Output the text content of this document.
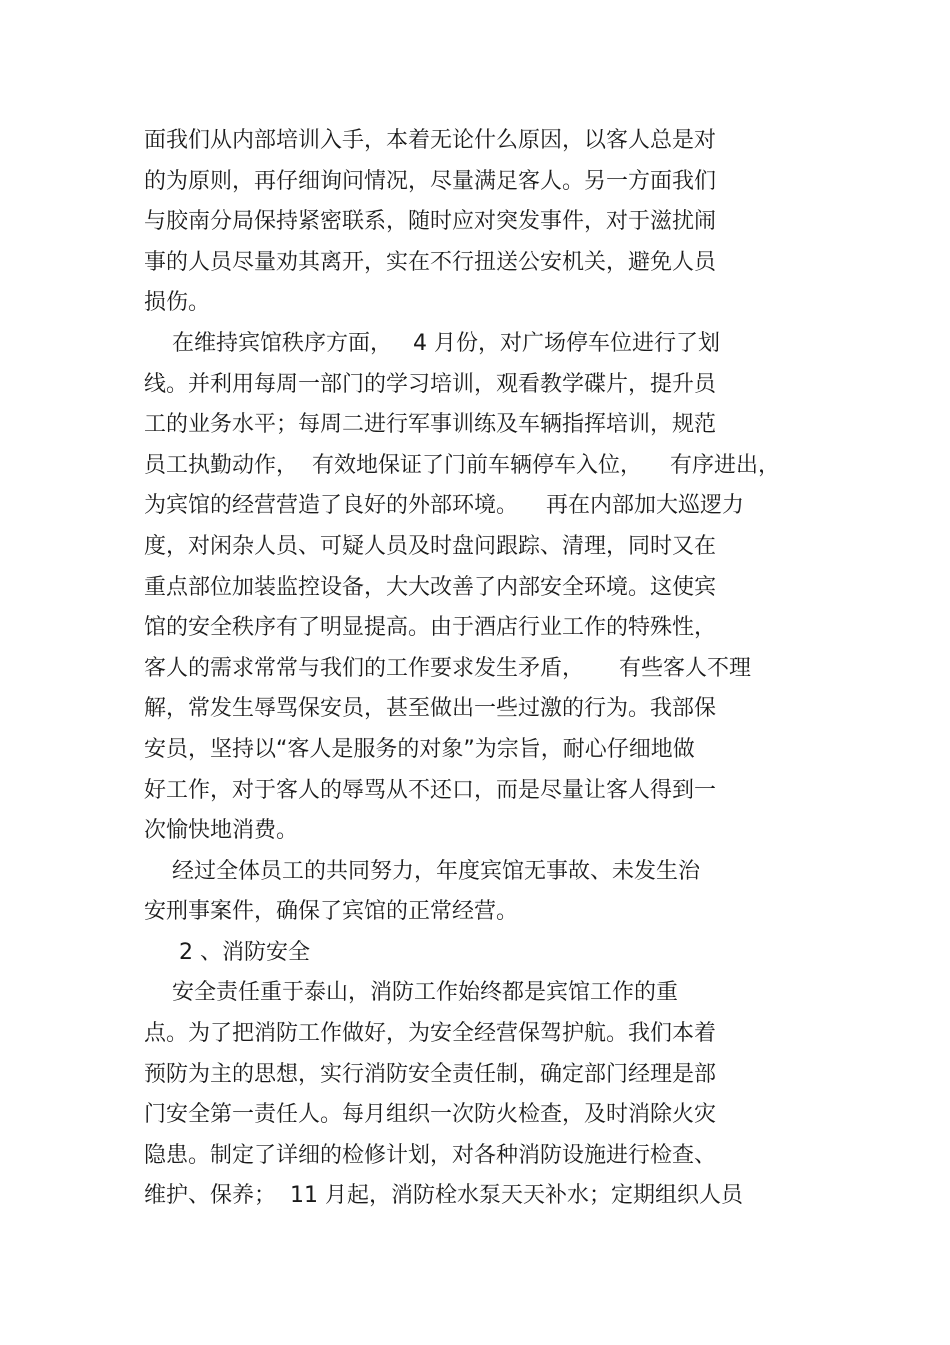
面我们从内部培训入手，本着无论什么原因，以客人总是对
的为原则，再仔细询问情况，尽量满足客人。另一方面我们
与胶南分局保持紧密联系，随时应对突发事件，对于滋扰闹
事的人员尽量劝其离开，实在不行扭送公安机关，避免人员
损伤。
在维持宾馆秩序方面，   4 月份，对广场停车位进行了划
线。并利用每周一部门的学习培训，观看教学碟片，提升员
工的业务水平；每周二进行军事训练及车辆指挥培训，规范
员工执勤动作，  有效地保证了门前车辆停车入位，    有序进出，
为宾馆的经营营造了良好的外部环境。    再在内部加大巡逻力
度，对闲杂人员、可疑人员及时盘问跟踪、清理，同时又在
重点部位加装监控设备，大大改善了内部安全环境。这使宾
馆的安全秩序有了明显提高。由于酒店行业工作的特殊性，
客人的需求常常与我们的工作要求发生矛盾，     有些客人不理
解，常发生辱骂保安员，甚至做出一些过激的行为。我部保
安员，坚持以“客人是服务的对象”为宗旨，耐心仔细地做
好工作，对于客人的辱骂从不还口，而是尽量让客人得到一
次愉快地消费。
经过全体员工的共同努力，年度宾馆无事故、未发生治
安刑事案件，确保了宾馆的正常经营。
2 、消防安全
安全责任重于泰山，消防工作始终都是宾馆工作的重
点。为了把消防工作做好，为安全经营保驾护航。我们本着
预防为主的思想，实行消防安全责任制，确定部门经理是部
门安全第一责任人。每月组织一次防火检查，及时消除火灾
隐患。制定了详细的检修计划，对各种消防设施进行检查、
维护、保养；  11 月起，消防栓水泵天天补水；定期组织人员
